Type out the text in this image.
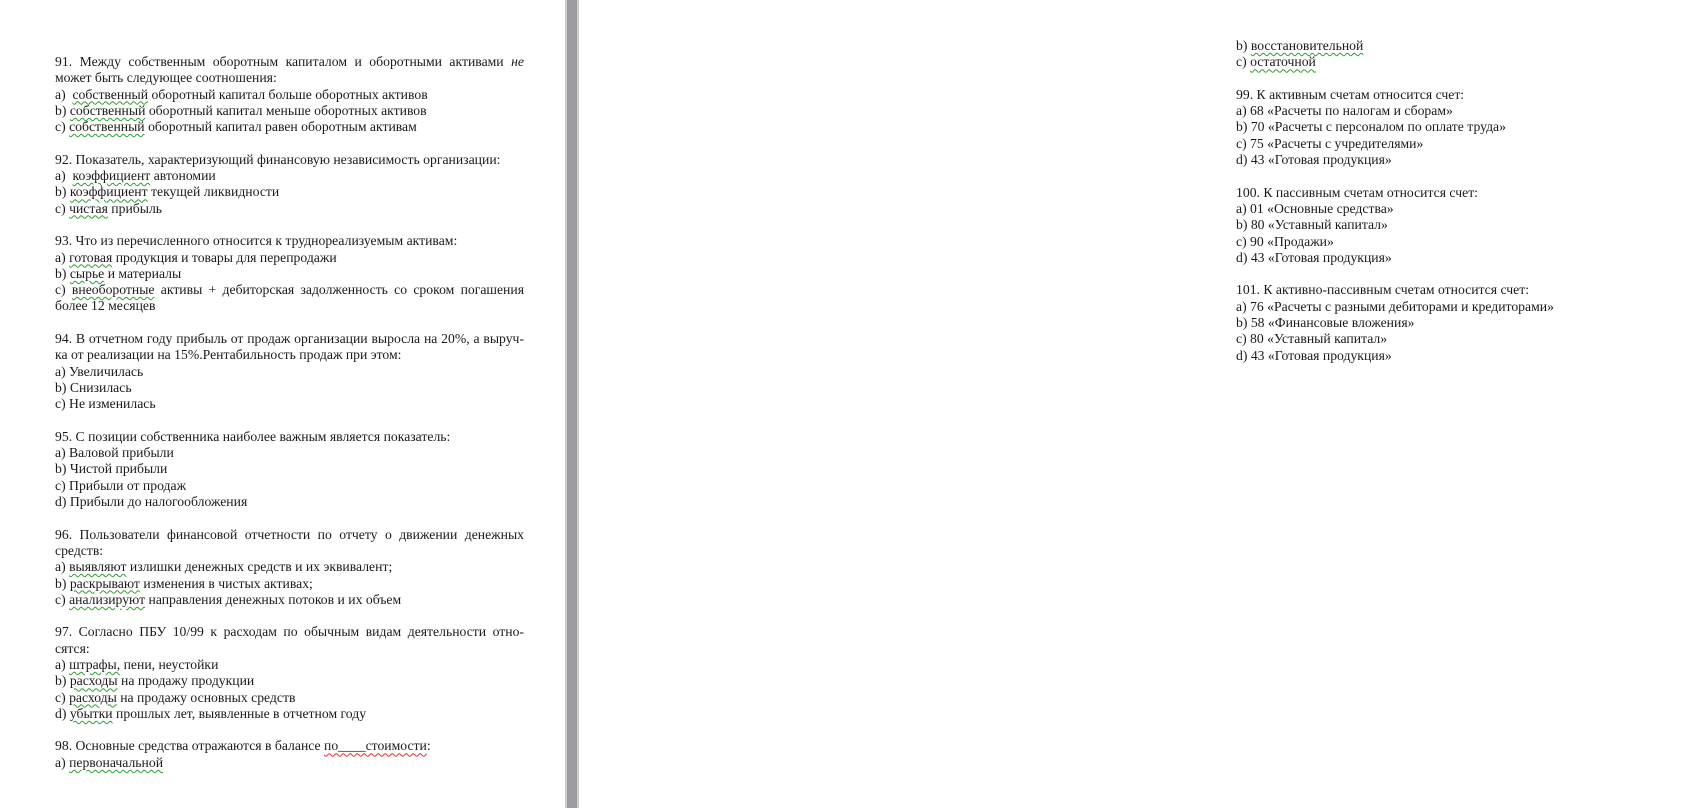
91. Между собственным оборотным капиталом и оборотными активами не
может быть следующее соотношения:
a)  собственный оборотный капитал больше оборотных активов
b) собственный оборотный капитал меньше оборотных активов
c) собственный оборотный капитал равен оборотным активам
92. Показатель, характеризующий финансовую независимость организации:
a)  коэффициент автономии
b) коэффициент текущей ликвидности
c) чистая прибыль
93. Что из перечисленного относится к труднореализуемым активам:
a) готовая продукция и товары для перепродажи
b) сырье и материалы
c) внеоборотные активы + дебиторская задолженность со сроком погашения
более 12 месяцев
94. В отчетном году прибыль от продаж организации выросла на 20%, а выруч-
ка от реализации на 15%.Рентабильность продаж при этом:
a) Увеличилась
b) Снизилась
c) Не изменилась
95. С позиции собственника наиболее важным является показатель:
a) Валовой прибыли
b) Чистой прибыли
c) Прибыли от продаж
d) Прибыли до налогообложения
96. Пользователи финансовой отчетности по отчету о движении денежных
средств:
a) выявляют излишки денежных средств и их эквивалент;
b) раскрывают изменения в чистых активах;
c) анализируют направления денежных потоков и их объем
97. Согласно ПБУ 10/99 к расходам по обычным видам деятельности отно-
сятся:
a) штрафы, пени, неустойки
b) расходы на продажу продукции
c) расходы на продажу основных средств
d) убытки прошлых лет, выявленные в отчетном году
98. Основные средства отражаются в балансе по____стоимости:
a) первоначальной
b) восстановительной
c) остаточной
99. К активным счетам относится счет:
a) 68 «Расчеты по налогам и сборам»
b) 70 «Расчеты с персоналом по оплате труда»
c) 75 «Расчеты с учредителями»
d) 43 «Готовая продукция»
100. К пассивным счетам относится счет:
a) 01 «Основные средства»
b) 80 «Уставный капитал»
c) 90 «Продажи»
d) 43 «Готовая продукция»
101. К активно-пассивным счетам относится счет:
a) 76 «Расчеты с разными дебиторами и кредиторами»
b) 58 «Финансовые вложения»
c) 80 «Уставный капитал»
d) 43 «Готовая продукция»
